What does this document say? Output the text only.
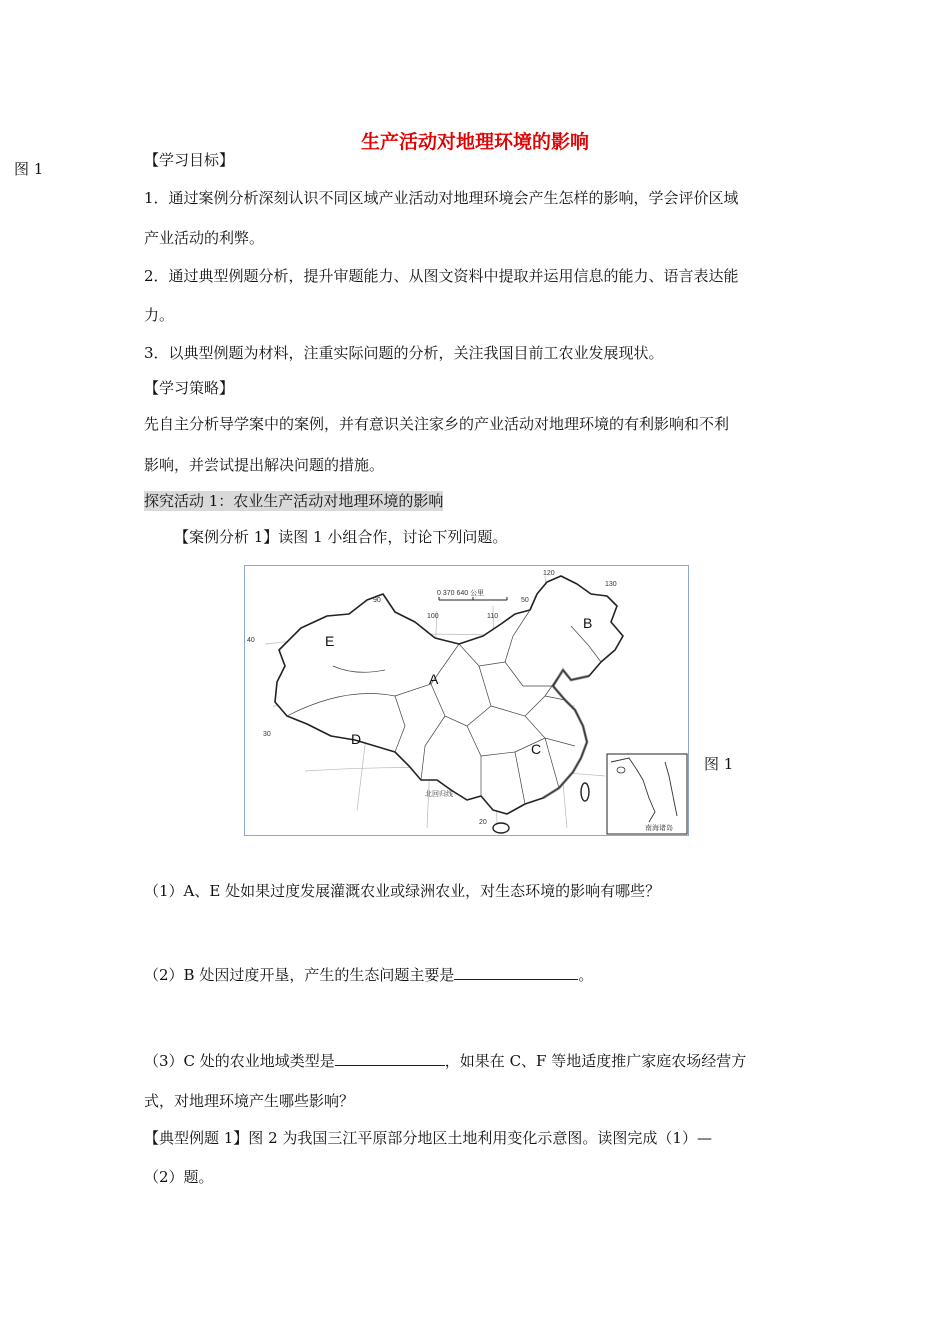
生产活动对地理环境的影响
图 1	【学习目标】
1．通过案例分析深刻认识不同区域产业活动对地理环境会产生怎样的影响，学会评价区域
产业活动的利弊。
2．通过典型例题分析，提升审题能力、从图文资料中提取并运用信息的能力、语言表达能
力。
3．以典型例题为材料，注重实际问题的分析，关注我国目前工农业发展现状。
【学习策略】
先自主分析导学案中的案例，并有意识关注家乡的产业活动对地理环境的有利影响和不利
影响，并尝试提出解决问题的措施。
探究活动 1：农业生产活动对地理环境的影响
【案例分析 1】读图 1 小组合作，讨论下列问题。
0 370 640 公里
90
100	110
120
130
50
40
30
20
北回归线
E
A
B
C
D
南海诸岛
图 1
（1）A、E 处如果过度发展灌溉农业或绿洲农业，对生态环境的影响有哪些？
（2）B 处因过度开垦，产生的生态问题主要是	。
（3）C 处的农业地域类型是	，如果在 C、F 等地适度推广家庭农场经营方
式，对地理环境产生哪些影响？
【典型例题 1】图 2 为我国三江平原部分地区土地利用变化示意图。读图完成（1）—
（2）题。
